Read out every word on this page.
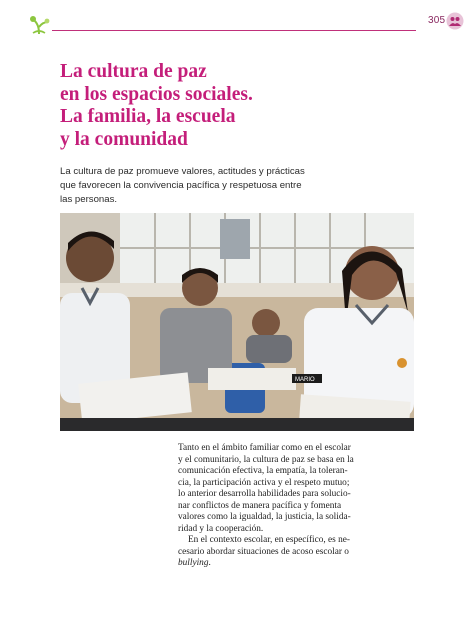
305
La cultura de paz
en los espacios sociales.
La familia, la escuela
y la comunidad
La cultura de paz promueve valores, actitudes y prácticas
que favorecen la convivencia pacífica y respetuosa entre
las personas.
MARIO
Tanto en el ámbito familiar como en el escolar
y el comunitario, la cultura de paz se basa en la
comunicación efectiva, la empatía, la toleran-
cia, la participación activa y el respeto mutuo;
lo anterior desarrolla habilidades para solucio-
nar conflictos de manera pacífica y fomenta
valores como la igualdad, la justicia, la solida-
ridad y la cooperación.
En el contexto escolar, en específico, es ne-
cesario abordar situaciones de acoso escolar o
bullying.
